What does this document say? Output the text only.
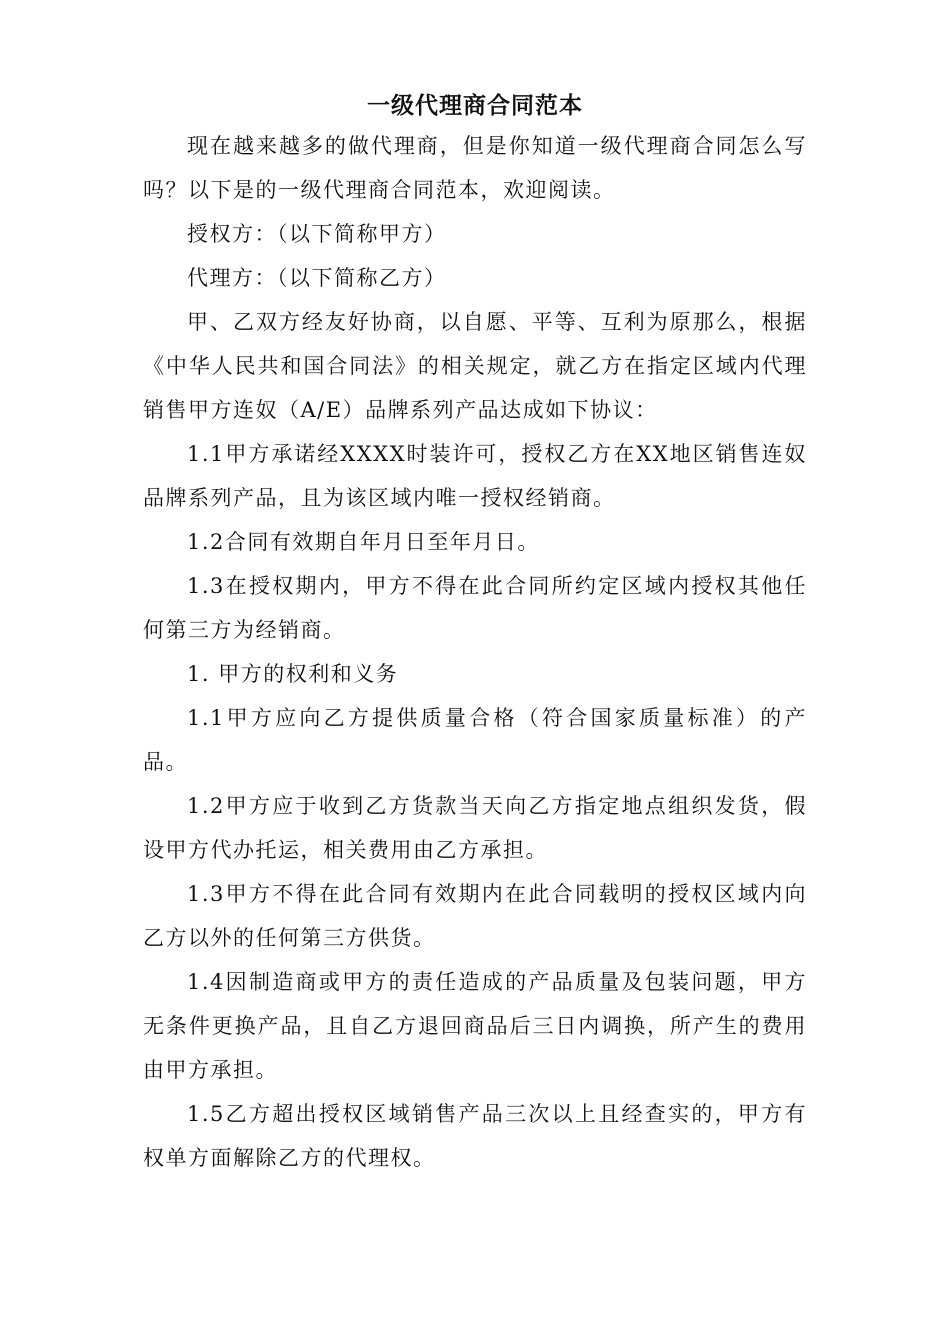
一级代理商合同范本

现在越来越多的做代理商，但是你知道一级代理商合同怎么写吗？以下是的一级代理商合同范本，欢迎阅读。

授权方：（以下简称甲方）

代理方：（以下简称乙方）

甲、乙双方经友好协商，以自愿、平等、互利为原那么，根据《中华人民共和国合同法》的相关规定，就乙方在指定区域内代理销售甲方连奴（A/E）品牌系列产品达成如下协议：

1.1甲方承诺经XXXX时装许可，授权乙方在XX地区销售连奴品牌系列产品，且为该区域内唯一授权经销商。

1.2合同有效期自年月日至年月日。

1.3在授权期内，甲方不得在此合同所约定区域内授权其他任何第三方为经销商。

1. 甲方的权利和义务

1.1甲方应向乙方提供质量合格（符合国家质量标准）的产品。

1.2甲方应于收到乙方货款当天向乙方指定地点组织发货，假设甲方代办托运，相关费用由乙方承担。

1.3甲方不得在此合同有效期内在此合同载明的授权区域内向乙方以外的任何第三方供货。

1.4因制造商或甲方的责任造成的产品质量及包装问题，甲方无条件更换产品，且自乙方退回商品后三日内调换，所产生的费用由甲方承担。

1.5乙方超出授权区域销售产品三次以上且经查实的，甲方有权单方面解除乙方的代理权。
